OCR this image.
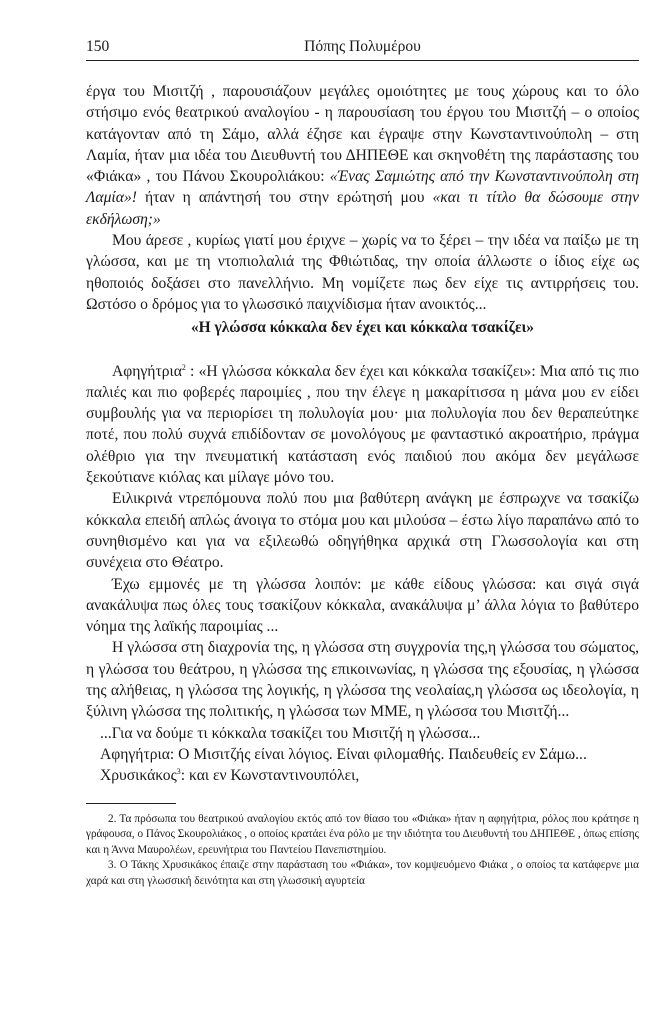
150	Πόπης Πολυμέρου

έργα του Μισιτζή , παρουσιάζουν μεγάλες ομοιότητες με τους χώρους και το όλο στήσιμο ενός θεατρικού αναλογίου - η παρουσίαση του έργου του Μισιτζή – ο οποίος κατάγονταν από τη Σάμο, αλλά έζησε και έγραψε στην Κωνσταντινούπολη – στη Λαμία, ήταν μια ιδέα του Διευθυντή του ΔΗΠΕΘΕ και σκηνοθέτη της παράστασης του «Φιάκα» , του Πάνου Σκουρολιάκου: «Ένας Σαμιώτης από την Κωνσταντινούπολη στη Λαμία»! ήταν η απάντησή του στην ερώτησή μου «και τι τίτλο θα δώσουμε στην εκδήλωση;»

Μου άρεσε , κυρίως γιατί μου έριχνε – χωρίς να το ξέρει – την ιδέα να παίξω με τη γλώσσα, και με τη ντοπιολαλιά της Φθιώτιδας, την οποία άλλωστε ο ίδιος είχε ως ηθοποιός δοξάσει στο πανελλήνιο. Μη νομίζετε πως δεν είχε τις αντιρρήσεις του. Ωστόσο ο δρόμος για το γλωσσικό παιχνίδισμα ήταν ανοικτός...

«Η γλώσσα κόκκαλα δεν έχει και κόκκαλα τσακίζει»

Αφηγήτρια$^2$ : «Η γλώσσα κόκκαλα δεν έχει και κόκκαλα τσακίζει»: Μια από τις πιο παλιές και πιο φοβερές παροιμίες , που την έλεγε η μακαρίτισσα η μάνα μου εν είδει συμβουλής για να περιορίσει τη πολυλογία μου· μια πολυλογία που δεν θεραπεύτηκε ποτέ, που πολύ συχνά επιδίδονταν σε μονολόγους με φανταστικό ακροατήριο, πράγμα ολέθριο για την πνευματική κατάσταση ενός παιδιού που ακόμα δεν μεγάλωσε ξεκούτιανε κιόλας και μίλαγε μόνο του.

Ειλικρινά ντρεπόμουνα πολύ που μια βαθύτερη ανάγκη με έσπρωχνε να τσακίζω κόκκαλα επειδή απλώς άνοιγα το στόμα μου και μιλούσα – έστω λίγο παραπάνω από το συνηθισμένο και για να εξιλεωθώ οδηγήθηκα αρχικά στη Γλωσσολογία και στη συνέχεια στο Θέατρο.

Έχω εμμονές με τη γλώσσα λοιπόν: με κάθε είδους γλώσσα: και σιγά σιγά ανακάλυψα πως όλες τους τσακίζουν κόκκαλα, ανακάλυψα μ’ άλλα λόγια το βαθύτερο νόημα της λαϊκής παροιμίας ...

Η γλώσσα στη διαχρονία της, η γλώσσα στη συγχρονία της,η γλώσσα του σώματος, η γλώσσα του θεάτρου, η γλώσσα της επικοινωνίας, η γλώσσα της εξουσίας, η γλώσσα της αλήθειας, η γλώσσα της λογικής, η γλώσσα της νεολαίας,η γλώσσα ως ιδεολογία, η ξύλινη γλώσσα της πολιτικής, η γλώσσα των ΜΜΕ, η γλώσσα του Μισιτζή...

...Για να δούμε τι κόκκαλα τσακίζει του Μισιτζή η γλώσσα...

Αφηγήτρια: Ο Μισιτζής είναι λόγιος. Είναι φιλομαθής. Παιδευθείς εν Σάμω...

Χρυσικάκος$^3$: και εν Κωνσταντινουπόλει,

2. Τα πρόσωπα του θεατρικού αναλογίου εκτός από τον θίασο του «Φιάκα» ήταν η αφηγήτρια, ρόλος που κράτησε η γράφουσα, ο Πάνος Σκουρολιάκος , ο οποίος κρατάει ένα ρόλο με την ιδιότητα του Διευθυντή του ΔΗΠΕΘΕ , όπως επίσης και η Άννα Μαυρολέων, ερευνήτρια του Παντείου Πανεπιστημίου.

3. Ο Τάκης Χρυσικάκος έπαιζε στην παράσταση του «Φιάκα», τον κομψευόμενο Φιάκα , ο οποίος τα κατάφερνε μια χαρά και στη γλωσσική δεινότητα και στη γλωσσική αγυρτεία
